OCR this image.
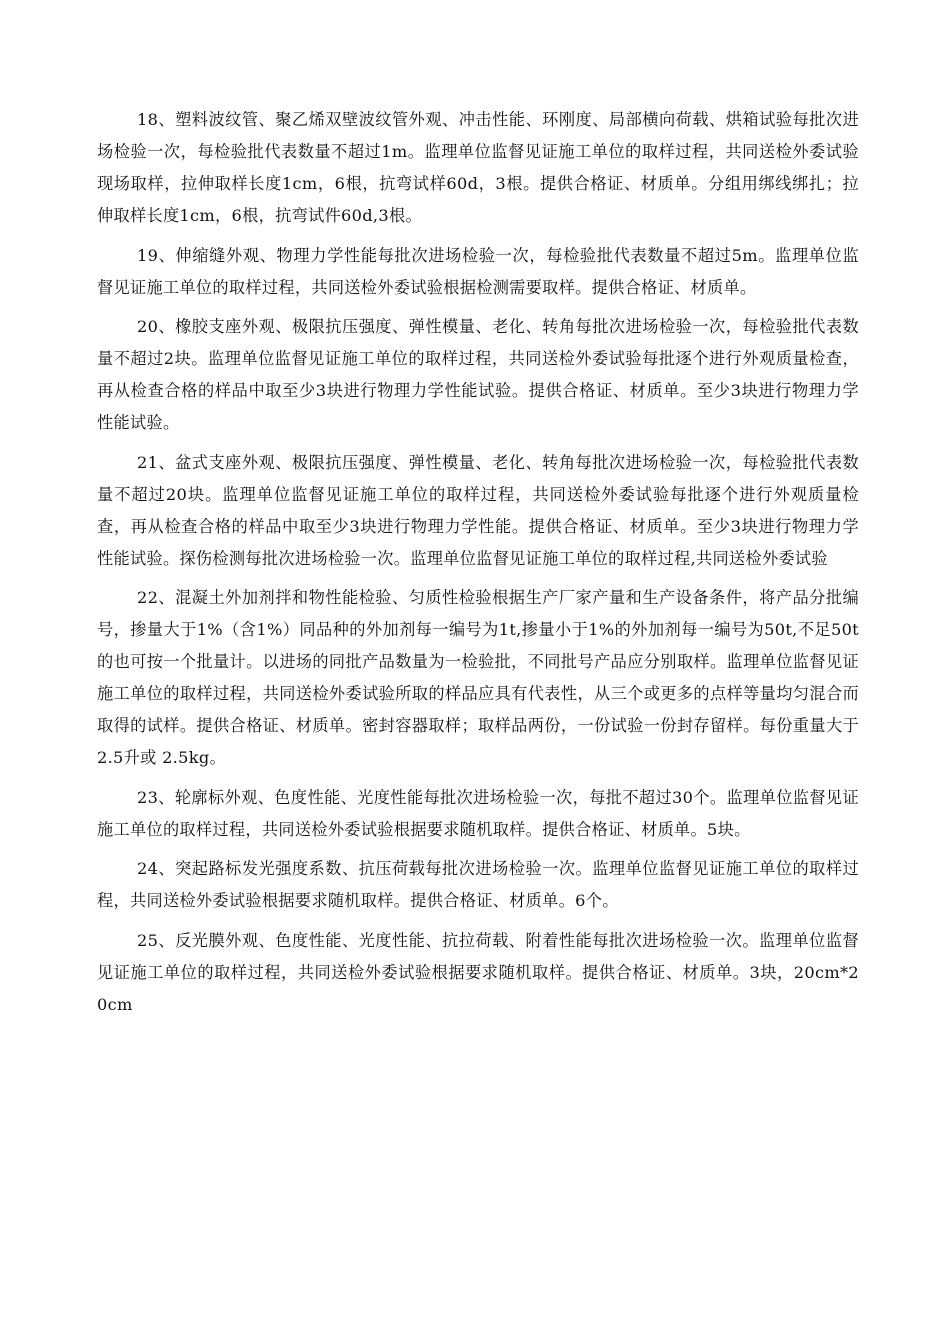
18、塑料波纹管、聚乙烯双壁波纹管外观、冲击性能、环刚度、局部横向荷载、烘箱试验每批次进场检验一次，每检验批代表数量不超过1m。监理单位监督见证施工单位的取样过程，共同送检外委试验现场取样，拉伸取样长度1cm，6根，抗弯试样60d，3根。提供合格证、材质单。分组用绑线绑扎；拉伸取样长度1cm，6根，抗弯试件60d,3根。

19、伸缩缝外观、物理力学性能每批次进场检验一次，每检验批代表数量不超过5m。监理单位监督见证施工单位的取样过程，共同送检外委试验根据检测需要取样。提供合格证、材质单。

20、橡胶支座外观、极限抗压强度、弹性模量、老化、转角每批次进场检验一次，每检验批代表数量不超过2块。监理单位监督见证施工单位的取样过程，共同送检外委试验每批逐个进行外观质量检查，再从检查合格的样品中取至少3块进行物理力学性能试验。提供合格证、材质单。至少3块进行物理力学性能试验。

21、盆式支座外观、极限抗压强度、弹性模量、老化、转角每批次进场检验一次，每检验批代表数量不超过20块。监理单位监督见证施工单位的取样过程，共同送检外委试验每批逐个进行外观质量检查，再从检查合格的样品中取至少3块进行物理力学性能。提供合格证、材质单。至少3块进行物理力学性能试验。探伤检测每批次进场检验一次。监理单位监督见证施工单位的取样过程,共同送检外委试验

22、混凝土外加剂拌和物性能检验、匀质性检验根据生产厂家产量和生产设备条件，将产品分批编号，掺量大于1%（含1%）同品种的外加剂每一编号为1t,掺量小于1%的外加剂每一编号为50t,不足50t的也可按一个批量计。以进场的同批产品数量为一检验批，不同批号产品应分别取样。监理单位监督见证施工单位的取样过程，共同送检外委试验所取的样品应具有代表性，从三个或更多的点样等量均匀混合而取得的试样。提供合格证、材质单。密封容器取样；取样品两份，一份试验一份封存留样。每份重量大于2.5升或 2.5kg。

23、轮廓标外观、色度性能、光度性能每批次进场检验一次，每批不超过30个。监理单位监督见证施工单位的取样过程，共同送检外委试验根据要求随机取样。提供合格证、材质单。5块。

24、突起路标发光强度系数、抗压荷载每批次进场检验一次。监理单位监督见证施工单位的取样过程，共同送检外委试验根据要求随机取样。提供合格证、材质单。6个。

25、反光膜外观、色度性能、光度性能、抗拉荷载、附着性能每批次进场检验一次。监理单位监督见证施工单位的取样过程，共同送检外委试验根据要求随机取样。提供合格证、材质单。3块，20cm*20cm
